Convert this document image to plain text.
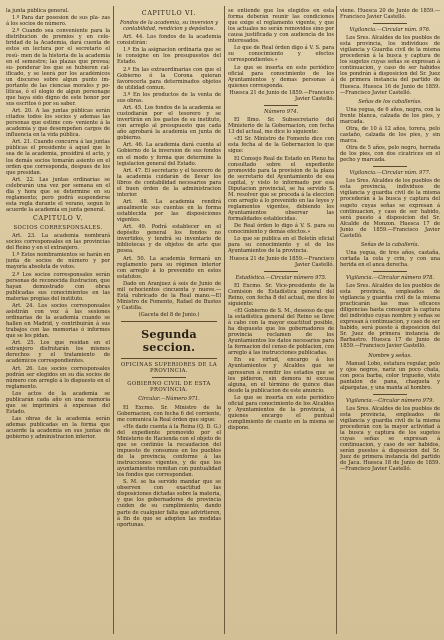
la junta pública general.

1.º Para dar posesion de sus pla- zas á los socios de número.

2.º Cuando sea conveniente para la distribucion de premios y en cele- bridad de la Academia, dará cuenta de estos en lectura por el secretario el resú- men de la historia de la academia en el semestre; las plazas que provea; su- ponderar los que se hubieren cal- ificado, y se leerá por los académicos un discurso sobre algun punto im- portante de las ciencias morales y po- líticas, ó el elogio de algun personage que haya sido digno de este honor por sus escritos ó por su saber.

Art. 20. A las juntas públicas serán citados todos los socios y ademas las personas que estime con- veniente á la academia y que desempeñen cargos de influencia en la vida pública.

Art. 21. Cuando concurra á las juntas públicas el presidente á aquel que lo sea de la academia, presidirá el acto, y los demás socios tomarán asiento en el orden que corresponda, despues de los que presidan.

Art. 22. Las juntas ordinarias se celebrarán una vez por semana en el dia y hora que se determine en su reglamento; pero podrá suspenderse esta regla durante el verano, segun lo acuerde la academia en junta general.

CAPITULO V.
SOCIOS CORRESPONSALES.

Art. 23. La academia nombrará socios corresponsales en las provincias del Reino y en el extranjero.

1.º Estos nombramientos se harán en junta de socios de número y por mayoría absoluta de votos.

2.º Los socios corresponsales serán personas de reconocida ilustracion, que hayan demostrado con obras publicadas sus conocimientos en las materias propias del instituto.

Art. 24. Los socios corresponsales asistirán con voz á las sesiones ordinarias de la academia cuando se hallen en Madrid, y contribuirán á sus trabajos con las memorias ó informes que se les pidan.

Art. 25. Los que residan en el extranjero disfrutarán los mismos derechos y el tratamiento de académicos correspondientes.

Art. 26. Los socios corresponsales podrán ser elegidos en su día socios de número con arreglo á lo dispuesto en el reglamento.

Los actos de la academia se publicarán cada año en una memoria que se imprimirá á expensas del Estado.

Las obras de la academia serán ademas publicadas en la forma que acuerde la academia en sus juntas de gobierno y administracion interior.

CAPITULO VI.
Fondos de la academia, su inversion y contabilidad, rendicion y depósitos.

Art. 44. Los fondos de la academia consistirán:

1.º En la asignacion ordinaria que se le consigne en los presupuestos del Estado.

2.º En las extraordinarias con que el Gobierno ó la Corona quieran favorecerla para determinados objetos de utilidad comun.

3.º En los productos de la venta de sus obras.

Art. 45. Los fondos de la academia se custodiarán por el tesorero y se invertirán en los gastos de su instituto, con arreglo al presupuesto que cada año aprobará la academia en junta de gobierno.

Art. 46. La academia dará cuenta al Gobierno de la inversion de sus fondos en el modo y forma que determine la legislacion general del Estado.

Art. 47. El secretario y el tesorero de la academia cuidarán de llevar los libros de contabilidad necesarios para el buen órden de la administracion interior.

Art. 48. La academia rendirá anualmente sus cuentas en la forma establecida por las disposiciones vigentes.

Art. 49. Podrá establecer en el depósito general los fondos no invertidos, y tendrá su inventario de bibliotecas y de objetos de arte que posea.

Art. 50. La academia formará un reglamento para su régimen interior con arreglo á lo prevenido en estos estatutos.

Dado en Aranjuez á seis de Junio de mil ochocientos cincuenta y nueve.— Está rubricado de la Real mano.—El Ministro de Fomento, Rafael de Bustos y Castilla.

(Gaceta del 8 de Junio.)

Segunda seccion.
OFICINAS SUPERIORES DE LA PROVINCIA.
GOBIERNO CIVIL DE ESTA PROVINCIA.
Circular.—Número 971.

El Excmo. Sr. Ministro de la Gobernacion, con fecha 6 del corriente, me comunica la Real órden que sigue:

«He dado cuenta á la Reina (Q. D. G.) del expediente promovido por el Ministerio de Hacienda con el objeto de que se continúe la recaudacion del impuesto de consumos en los pueblos de la provincia, conforme á las instrucciones vigentes, y de que los ayuntamientos remitan con puntualidad los fondos que correspondan.

S. M. se ha servido mandar que se observen con exactitud las disposiciones dictadas sobre la materia, y que los gobernadores de provincia cuiden de su cumplimiento, dando parte de cualquier falta que advirtieren, á fin de que se adopten las medidas oportunas.

se entiende que los elegidos en esta forma deberán reunir las condiciones que exige el reglamento vigente, y que los actuales no serán removidos sino por causa justificada y con audiencia de los interesados.

Lo que de Real órden digo á V. S. para su conocimiento y efectos correspondientes.»

Lo que se inserta en este periódico oficial para conocimiento de los Ayuntamientos y demas personas á quienes corresponda.

Huesca 21 de Junio de 1859.—Francisco Javier Castelló.

Número 974.

El Ilmo. Sr. Subsecretario del Ministerio de la Gobernacion, con fecha 13 del actual, me dice lo siguiente:

«El Sr. Ministro de Fomento dice con esta fecha al de la Gobernacion lo que sigue:

El Consejo Real de Estado en Pleno ha consultado sobre el expediente promovido para la provision de la plaza de secretario del Ayuntamiento de esa capital, y visto lo informado por esa Diputacion provincial, se ha servido S. M. resolver que se proceda á la eleccion con arreglo á lo prevenido en las leyes y reglamentos vigentes, debiendo los Ayuntamientos observar las formalidades establecidas.

De Real órden lo digo á V. S. para su conocimiento y demás efectos.»

Lo que se publica en el Boletín oficial para su conocimiento y el de los Ayuntamientos de la provincia.

Huesca 21 de Junio de 1859.—Francisco Javier Castelló.

Estadística.—Circular número 975.

El Excmo. Sr. Vice-presidente de la Comision de Estadística general del Reino, con fecha 8 del actual, me dice lo siguiente:

«El Gobierno de S. M., deseoso de que la estadística general del Reino se lleve á cabo con la mayor exactitud posible, ha dispuesto que los gobernadores de provincia reclamen de los Ayuntamientos los datos necesarios para la formacion del censo de poblacion, con arreglo á las instrucciones publicadas.

En su virtud, encargo á los Ayuntamientos y Alcaldes que se apresuren á remitir los estados que se les pidieron, sin demora ni excusa alguna, en el término de quince dias desde la publicacion de este anuncio.

Lo que se inserta en este periódico oficial para conocimiento de los Alcaldes y Ayuntamientos de la provincia, á quienes encargo el puntual cumplimiento de cuanto en la misma se dispone.

viene. Huesca 20 de Junio de 1859.—Francisco Javier Castelló.

Vigilancia.—Circular núm. 976.

Los Sres. Alcaldes de los pueblos de esta provincia, los individuos de vigilancia y Guardia civil de la misma procederán á la busca y captura de los sugetos cuyas señas se expresan á continuacion, y caso de ser habidos los pondrán á disposicion del Sr. Juez de primera instancia del partido de Huesca. Huesca 16 de Junio de 1859.—Francisco Javier Castelló.

Señas de los caballerías.

Una yegua, de 6 años, negra, con la frente blanca, calzada de los pies, y marcada.

Otra, de 10 á 12 años, torera, pelo castaño, calzada de los pies, y sin marca.

Otra de 5 años, pelo negro, herrada de los pies, con dos cicatrices en el pecho y marcada.

Vigilancia.—Circular núm. 977.

Los Sres. Alcaldes de los pueblos de esta provincia, individuos de vigilancia y guardia civil de la misma procederán á la busca y captura del sugeto cuyas señas se expresan á continuacion, y caso de ser habido, será puesto á disposicion del Sr. Alcalde de Monzon. Huesca 17 de Junio de 1859.—Francisco Javier Castelló.

Señas de la caballería.

Una yegua, de tres años, castaña, cortada la cola y crin, y con una herida en el anca derecha.

Vigilancia.—Circular número 978.

Los Sres. Alcaldes de los pueblos de esta provincia, empleados de vigilancia y guardia civil de la misma practicarán las mas eficaces diligencias hasta conseguir la captura del individuo cuyas nombre y señas se expresan á continuacion, y caso de ser habido, será puesto á disposicion del Sr. Juez de primera instancia de Barbastro. Huesca 17 de Junio de 1859.—Francisco Javier Castelló.

Nombre y señas.

Manuel Lobo, estatura regular, pelo y ojos negros, nariz un poco chata, con poca barba, color trigueño, viste pantalon de pana, chaqueta y alpargatas, y una manta al hombro.

Vigilancia.—Circular número 979.

Los Sres. Alcaldes de los pueblos de esta provincia, empleados de vigilancia y guardia civil de la misma procederán con la mayor actividad á la busca y captura de los sugetos cuyas señas se expresan á continuacion, y caso de ser habidos, serán puestos á disposicion del Sr. Juez de primera instancia del partido de Jaca. Huesca 18 de Junio de 1859.—Francisco Javier Castelló.
